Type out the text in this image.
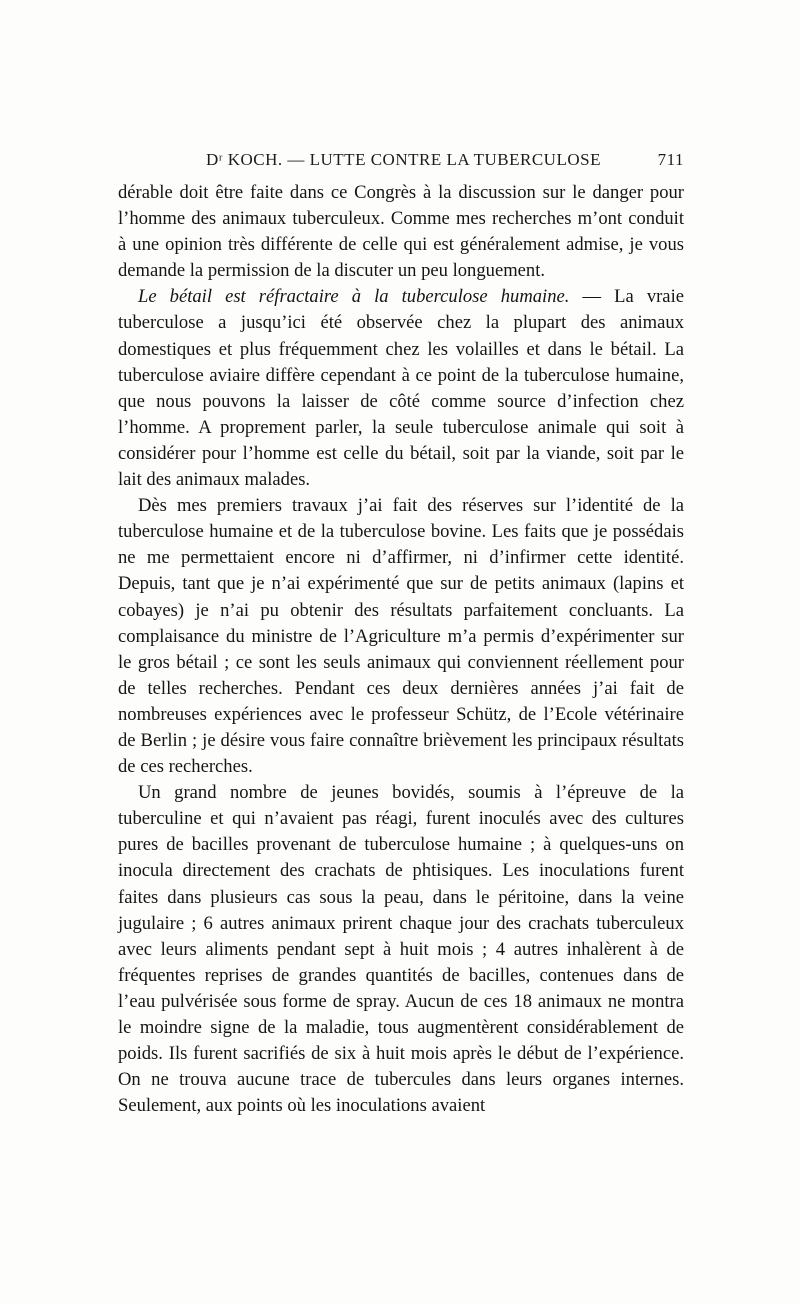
Dʳ KOCH. — LUTTE CONTRE LA TUBERCULOSE	711

dérable doit être faite dans ce Congrès à la discussion sur le danger pour l’homme des animaux tuberculeux. Comme mes recherches m’ont conduit à une opinion très différente de celle qui est généralement admise, je vous demande la permission de la discuter un peu longuement.

Le bétail est réfractaire à la tuberculose humaine. — La vraie tuberculose a jusqu’ici été observée chez la plupart des animaux domestiques et plus fréquemment chez les volailles et dans le bétail. La tuberculose aviaire diffère cependant à ce point de la tuberculose humaine, que nous pouvons la laisser de côté comme source d’infection chez l’homme. A proprement parler, la seule tuberculose animale qui soit à considérer pour l’homme est celle du bétail, soit par la viande, soit par le lait des animaux malades.

Dès mes premiers travaux j’ai fait des réserves sur l’identité de la tuberculose humaine et de la tuberculose bovine. Les faits que je possédais ne me permettaient encore ni d’affirmer, ni d’infirmer cette identité. Depuis, tant que je n’ai expérimenté que sur de petits animaux (lapins et cobayes) je n’ai pu obtenir des résultats parfaitement concluants. La complaisance du ministre de l’Agriculture m’a permis d’expérimenter sur le gros bétail ; ce sont les seuls animaux qui conviennent réellement pour de telles recherches. Pendant ces deux dernières années j’ai fait de nombreuses expériences avec le professeur Schütz, de l’Ecole vétérinaire de Berlin ; je désire vous faire connaître brièvement les principaux résultats de ces recherches.

Un grand nombre de jeunes bovidés, soumis à l’épreuve de la tuberculine et qui n’avaient pas réagi, furent inoculés avec des cultures pures de bacilles provenant de tuberculose humaine ; à quelques-uns on inocula directement des crachats de phtisiques. Les inoculations furent faites dans plusieurs cas sous la peau, dans le péritoine, dans la veine jugulaire ; 6 autres animaux prirent chaque jour des crachats tuberculeux avec leurs aliments pendant sept à huit mois ; 4 autres inhalèrent à de fréquentes reprises de grandes quantités de bacilles, contenues dans de l’eau pulvérisée sous forme de spray. Aucun de ces 18 animaux ne montra le moindre signe de la maladie, tous augmentèrent considérablement de poids. Ils furent sacrifiés de six à huit mois après le début de l’expérience. On ne trouva aucune trace de tubercules dans leurs organes internes. Seulement, aux points où les inoculations avaient
